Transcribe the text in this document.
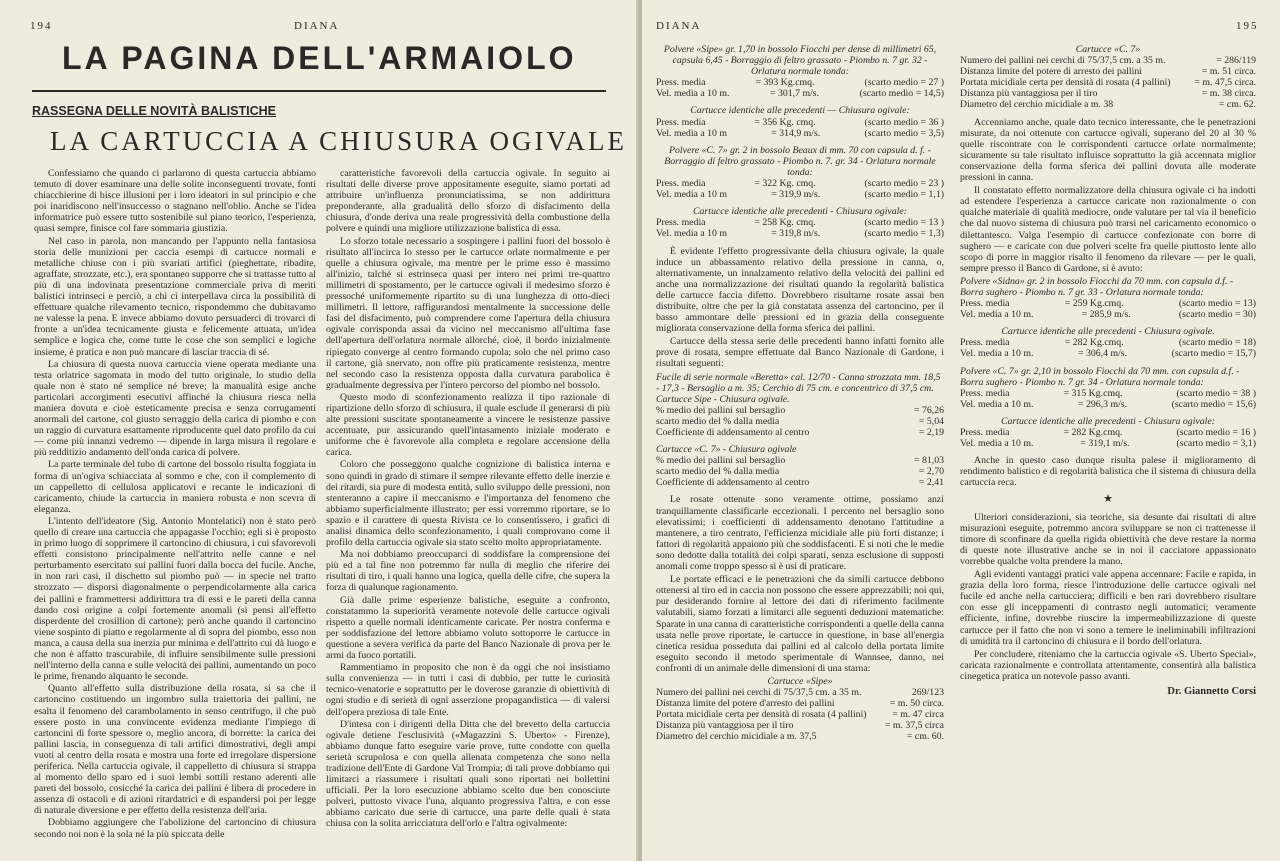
194	DIANA
LA PAGINA DELL'ARMAIOLO
RASSEGNA DELLE NOVITÀ BALISTICHE
LA CARTUCCIA A CHIUSURA OGIVALE

Confessiamo che quando ci parlarono di questa cartuccia abbiamo temuto di dover esaminare una delle solite inconseguenti trovate, fonti chiacchierine di bisce illusioni per i loro ideatori in sul principio e che poi inaridiscono nell'insuccesso o stagnano nell'oblio. Anche se l'idea informatrice può essere tutto sostenibile sul piano teorico, l'esperienza, quasi sempre, finisce col fare sommaria giustizia.

Nel caso in parola, non mancando per l'appunto nella fantasiosa storia delle munizioni per caccia esempi di cartucce normali e metalliche chiuse con i più svariati artifici (pieghettate, ribadite, agraffate, strozzate, etc.), era spontaneo supporre che si trattasse tutto al più di una indovinata presentazione commerciale priva di meriti balistici intrinseci e perciò, a chi ci interpellava circa la possibilità di effettuare qualche rilevamento tecnico, rispondemmo che dubitavamo ne valesse la pena. E invece abbiamo dovuto persuaderci di trovarci di fronte a un'idea tecnicamente giusta e felicemente attuata, un'idea semplice e logica che, come tutte le cose che son semplici e logiche insieme, è pratica e non può mancare di lasciar traccia di sé.

La chiusura di questa nuova cartuccia viene operata mediante una testa orlatrice sagomata in modo del tutto originale, lo studio della quale non è stato né semplice né breve; la manualità esige anche particolari accorgimenti esecutivi affinché la chiusura riesca nella maniera dovuta e cioè esteticamente precisa e senza corrugamenti anormali del cartone, col giusto serraggio della carica di piombo e con un raggio di curvatura esattamente riproducente quel dato profilo da cui — come più innanzi vedremo — dipende in larga misura il regolare e più redditizio andamento dell'onda carica di polvere.

La parte terminale del tubo di cartone del bossolo risulta foggiata in forma di un'ogiva schiacciata al sommo e che, con il complemento di un cappelletto di cellulosa applicatovi e recante le indicazioni di caricamento, chiude la cartuccia in maniera robusta e non scevra di eleganza.

L'intento dell'ideatore (Sig. Antonio Montelatici) non è stato però quello di creare una cartuccia che appagasse l'occhio; egli si è proposto in primo luogo di sopprimere il cartoncino di chiusura, i cui sfavorevoli effetti consistono principalmente nell'attrito nelle canne e nel perturbamento esercitato sui pallini fuori dalla bocca del fucile. Anche, in non rari casi, il dischetto sul piombo può — in specie nel tratto strozzato — disporsi diagonalmente o perpendicolarmente alla carica dei pallini e frammettersi addirittura tra di essi e le pareti della canna dando così origine a colpi fortemente anomali (si pensi all'effetto disperdente del crosillion di cartone); però anche quando il cartoncino viene sospinto di piatto e regolarmente al di sopra del piombo, esso non manca, a causa della sua inerzia pur minima e dell'attrito cui dà luogo e che non è affatto trascurabile, di influire sensibilmente sulle pressioni nell'interno della canna e sulle velocità dei pallini, aumentando un poco le prime, frenando alquanto le seconde.

Quanto all'effetto sulla distribuzione della rosata, si sa che il cartoncino costituendo un ingombro sulla traiettoria dei pallini, ne esalta il fenomeno del carambolamento in senso centrifugo, il che può essere posto in una convincente evidenza mediante l'impiego di cartoncini di forte spessore o, meglio ancora, di borrette: la carica dei pallini lascia, in conseguenza di tali artifici dimostrativi, degli ampi vuoti al centro della rosata e mostra una forte ed irregolare dispersione periferica. Nella cartuccia ogivale, il cappelletto di chiusura si strappa al momento dello sparo ed i suoi lembi sottili restano aderenti alle pareti del bossolo, cosicché la carica dei pallini è libera di procedere in assenza di ostacoli e di azioni ritardatrici e di espandersi poi per legge di naturale diversione e per effetto della resistenza dell'aria.

Dobbiamo aggiungere che l'abolizione del cartoncino di chiusura secondo noi non è la sola né la più spiccata delle

caratteristiche favorevoli della cartuccia ogivale. In seguito ai risultati delle diverse prove appositamente eseguite, siamo portati ad attribuire un'influenza pronunciatissima, se non addirittura preponderante, alla gradualità dello sforzo di disfacimento della chiusura, d'onde deriva una reale progressività della combustione della polvere e quindi una migliore utilizzazione balistica di essa.

Lo sforzo totale necessario a sospingere i pallini fuori del bossolo è risultato all'incirca lo stesso per le cartucce orlate normalmente e per quelle a chiusura ogivale, ma mentre per le prime esso è massimo all'inizio, talché si estrinseca quasi per intero nei primi tre-quattro millimetri di spostamento, per le cartucce ogivali il medesimo sforzo è pressoché uniformemente ripartito su di una lunghezza di otto-dieci millimetri. Il lettore, raffigurandosi mentalmente la successione delle fasi del disfacimento, può comprendere come l'apertura della chiusura ogivale corrisponda assai da vicino nel meccanismo all'ultima fase dell'apertura dell'orlatura normale allorché, cioè, il bordo inizialmente ripiegato converge al centro formando cupola; solo che nel primo caso il cartone, già snervato, non offre più praticamente resistenza, mentre nel secondo caso la resistenza opposta dalla curvatura parabolica è gradualmente degressiva per l'intero percorso del piombo nel bossolo.

Questo modo di sconfezionamento realizza il tipo razionale di ripartizione dello sforzo di schiusura, il quale esclude il generarsi di più alte pressioni suscitate spontaneamente a vincere le resistenze passive accentuate, pur assicurando quell'intasamento iniziale moderato e uniforme che è favorevole alla completa e regolare accensione della carica.

Coloro che posseggono qualche cognizione di balistica interna e sono quindi in grado di stimare il sempre rilevante effetto delle inerzie e dei ritardi, sia pure di modesta entità, sullo sviluppo delle pressioni, non stenteranno a capire il meccanismo e l'importanza del fenomeno che abbiamo superficialmente illustrato; per essi vorremmo riportare, se lo spazio e il carattere di questa Rivista ce lo consentissero, i grafici di analisi dinamica dello sconfezionamento, i quali comprovano come il profilo della cartuccia ogivale sia stato scelto molto appropriatamente.

Ma noi dobbiamo preoccuparci di soddisfare la comprensione dei più ed a tal fine non potremmo far nulla di meglio che riferire dei risultati di tiro, i quali hanno una logica, quella delle cifre, che supera la forza di qualunque ragionamento.

Già dalle prime esperienze balistiche, eseguite a confronto, constatammo la superiorità veramente notevole delle cartucce ogivali rispetto a quelle normali identicamente caricate. Per nostra conferma e per soddisfazione del lettore abbiamo voluto sottoporre le cartucce in questione a severa verifica da parte del Banco Nazionale di prova per le armi da fuoco portatili.

Rammentiamo in proposito che non è da oggi che noi insistiamo sulla convenienza — in tutti i casi di dubbio, per tutte le curiosità tecnico-venatorie e soprattutto per le doverose garanzie di obiettività di ogni studio e di serietà di ogni asserzione propagandistica — di valersi dell'opera preziosa di tale Ente.

D'intesa con i dirigenti della Ditta che del brevetto della cartuccia ogivale detiene l'esclusività («Magazzini S. Uberto» - Firenze), abbiamo dunque fatto eseguire varie prove, tutte condotte con quella serietà scrupolosa e con quella allenata competenza che sono nella tradizione dell'Ente di Gardone Val Trompia; di tali prove dobbiamo qui limitarci a riassumere i risultati quali sono riportati nei bollettini ufficiali. Per la loro esecuzione abbiamo scelto due ben conosciute polveri, puttosto vivace l'una, alquanto progressiva l'altra, e con esse abbiamo caricato due serie di cartucce, una parte delle quali è stata chiusa con la solita arricciatura dell'orlo e l'altra ogivalmente:

DIANA	195
Polvere «Sipe» gr. 1,70 in bossolo Fiocchi per dense di millimetri 65, capsula 6,45 - Borraggio di feltro grassato - Piombo n. 7 gr. 32 - Orlatura normale tonda:
Press. media	= 393 Kg.cmq.	(scarto medio = 27 )
Vel. media a 10 m.	= 301,7 m/s.	(scarto medio = 14,5)
Cartucce identiche alle precedenti — Chiusura ogivale:
Press. media	= 356 Kg. cmq.	(scarto medio = 36 )
Vel. media a 10 m	= 314,9 m/s.	(scarto medio = 3,5)
Polvere «C. 7» gr. 2 in bossolo Beaux di mm. 70 con capsula d. f. - Borraggio di feltro grassato - Piombo n. 7. gr. 34 - Orlatura normale tonda:
Press. media	= 322 Kg. cmq.	(scarto medio = 23 )
Vel. media a 10 m	= 319,9 m/s.	(scarto medio = 1,1)
Cartucce identiche alle precedenti - Chiusura ogivale:
Press. media	= 258 Kg. cmq.	(scarto medio = 13 )
Vel. media a 10 m	= 319,8 m/s.	(scarto medio = 1,3)

È evidente l'effetto progressivante della chiusura ogivale, la quale induce un abbassamento relativo della pressione in canna, o, alternativamente, un innalzamento relativo della velocità dei pallini ed anche una normalizzazione dei risultati quando la regolarità balistica delle cartucce faccia difetto. Dovrebbero risultarne rosate assai ben distribuite, oltre che per la già constatata assenza del cartoncino, per il basso ammontare delle pressioni ed in grazia della conseguente migliorata conservazione della forma sferica dei pallini.

Cartucce della stessa serie delle precedenti hanno infatti fornito alle prove di rosata, sempre effettuate dal Banco Nazionale di Gardone, i risultati seguenti:

Fucile di serie normale «Beretta» cal. 12/70 - Canna strozzata mm. 18,5 - 17,3 - Bersaglio a m. 35; Cerchio di 75 cm. e concentrico di 37,5 cm. Cartucce Sipe - Chiusura ogivale.
% medio dei pallini sul bersaglio	= 76,26
scarto medio del % dalla media	= 5,04
Coefficiente di addensamento al centro	= 2,19
Cartucce «C. 7» - Chiusura ogivale
% medio dei pallini sul bersaglio	= 81,03
scarto medio del % dalla media	= 2,70
Coefficiente di addensamento al centro	= 2,41

Le rosate ottenute sono veramente ottime, possiamo anzi tranquillamente classificarle eccezionali. I percento nel bersaglio sono elevatissimi; i coefficienti di addensamento denotano l'attitudine a mantenere, a tiro centrato, l'efficienza micidiale alle più forti distanze; i fattori di regolarità appaiono più che soddisfacenti. E si noti che le medie sono dedotte dalla totalità dei colpi sparati, senza esclusione di supposti anomali come troppo spesso si è usi di praticare.

Le portate efficaci e le penetrazioni che da simili cartucce debbono ottenersi al tiro ed in caccia non possono che essere apprezzabili; noi qui, pur desiderando fornire al lettore dei dati di riferimento facilmente valutabili, siamo forzati a limitarci alle seguenti deduzioni matematiche: Sparate in una canna di caratteristiche corrispondenti a quelle della canna usata nelle prove riportate, le cartucce in questione, in base all'energia cinetica residua posseduta dai pallini ed al calcolo della portata limite eseguito secondo il metodo sperimentale di Wannsee, danno, nei confronti di un animale delle dimensioni di una starna:

Cartucce «Sipe»
Numero dei pallini nei cerchi di 75/37,5 cm. a 35 m.	269/123
Distanza limite del potere d'arresto dei pallini	= m. 50 circa.
Portata micidiale certa per densità di rosata (4 pallini)	= m. 47 circa
Distanza più vantaggiosa per il tiro	= m. 37,5 circa
Diametro del cerchio micidiale a m. 37,5	= cm. 60.
Cartucce «C. 7»
Numero dei pallini nei cerchi di 75/37,5 cm. a 35 m.	= 286/119
Distanza limite del potere di arresto dei pallini	= m. 51 circa.
Portata micidiale certa per densità di rosata (4 pallini) = m. 47,5 circa.
Distanza più vantaggiosa per il tiro	= m. 38 circa.
Diametro del cerchio micidiale a m. 38	= cm. 62.

Accenniamo anche, quale dato tecnico interessante, che le penetrazioni misurate, da noi ottenute con cartucce ogivali, superano del 20 al 30 % quelle riscontrate con le corrispondenti cartucce orlate normalmente; sicuramente su tale risultato influisce soprattutto la già accennata miglior conservazione della forma sferica dei pallini dovuta alle moderate pressioni in canna.

Il constatato effetto normalizzatore della chiusura ogivale ci ha indotti ad estendere l'esperienza a cartucce caricate non razionalmente o con qualche materiale di qualità mediocre, onde valutare per tal via il beneficio che dal nuovo sistema di chiusura può trarsi nel caricamento economico o dilettantesco. Valga l'esempio di cartucce confezionate con borre di sughero — e caricate con due polveri scelte fra quelle piuttosto lente allo scopo di porre in maggior risalto il fenomeno da rilevare — per le quali, sempre presso il Banco di Gardone, si è avuto:

Polvere «Sidna» gr. 2 in bossolo Fiocchi da 70 mm. con capsula d.f. - Borra sughero - Piombo n. 7 gr. 33 - Orlatura normale tonda:
Press. media	= 259 Kg.cmq.	(scarto medio = 13)
Vel. media a 10 m.	= 285,9 m/s.	(scarto medio = 30)
Cartucce identiche alle precedenti - Chiusura ogivale.
Press. media	= 282 Kg.cmq.	(scarto medio = 18)
Vel. media a 10 m.	= 306,4 m/s.	(scarto medio = 15,7)
Polvere «C. 7» gr. 2,10 in bossolo Fiocchi da 70 mm. con capsula d.f. - Borra sughero - Piombo n. 7 gr. 34 - Orlatura normale tonda:
Press. media	= 315 Kg.cmq.	(scarto medio = 38 )
Vel. media a 10 m.	= 296,3 m/s.	(scarto medio = 15,6)
Cartucce identiche alle precedenti - Chiusura ogivale:
Press. media	= 282 Kg.cmq.	(scarto medio = 16 )
Vel. media a 10 m.	= 319,1 m/s.	(scarto medio = 3,1)

Anche in questo caso dunque risulta palese il miglioramento di rendimento balistico e di regolarità balistica che il sistema di chiusura della cartuccia reca.

★

Ulteriori considerazioni, sia teoriche, sia desunte dai risultati di altre misurazioni eseguite, potremmo ancora sviluppare se non ci trattenesse il timore di sconfinare da quella rigida obiettività che deve restare la norma di queste note illustrative anche se in noi il cacciatore appassionato vorrebbe qualche volta prendere la mano.

Agli evidenti vantaggi pratici vale appena accennare: Facile e rapida, in grazia della loro forma, riesce l'introduzione delle cartucce ogivali nel fucile ed anche nella cartucciera; difficili e ben rari dovrebbero risultare con esse gli inceppamenti di contrasto negli automatici; veramente efficiente, infine, dovrebbe riuscire la impermeabilizzazione di queste cartucce per il fatto che non vi sono a temere le ineliminabili infiltrazioni di umidità tra il cartoncino di chiusura e il bordo dell'orlatura.

Per concludere, riteniamo che la cartuccia ogivale «S. Uberto Special», caricata razionalmente e controllata attentamente, consentirà alla balistica cinegetica pratica un notevole passo avanti.

Dr. Giannetto Corsi
